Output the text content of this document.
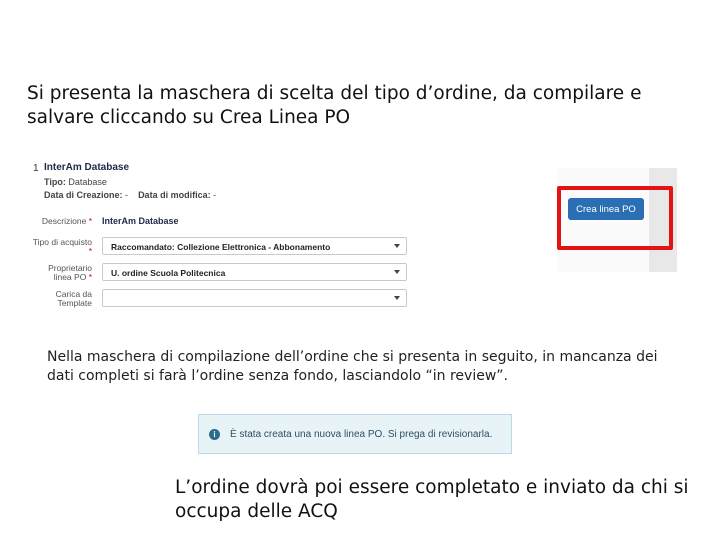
Si presenta la maschera di scelta del tipo d’ordine, da compilare e salvare cliccando su Crea Linea PO

1 InterAm Database
Tipo: Database
Data di Creazione: - Data di modifica: -
Descrizione * InterAm Database
Tipo di acquisto *	Raccomandato: Collezione Elettronica - Abbonamento
Proprietario linea PO *	U. ordine Scuola Politecnica
Carica da Template
Crea linea PO

Nella maschera di compilazione dell’ordine che si presenta in seguito, in mancanza dei dati completi si farà l’ordine senza fondo, lasciandolo “in review”.

i	È stata creata una nuova linea PO. Si prega di revisionarla.

L’ordine dovrà poi essere completato e inviato da chi si occupa delle ACQ
